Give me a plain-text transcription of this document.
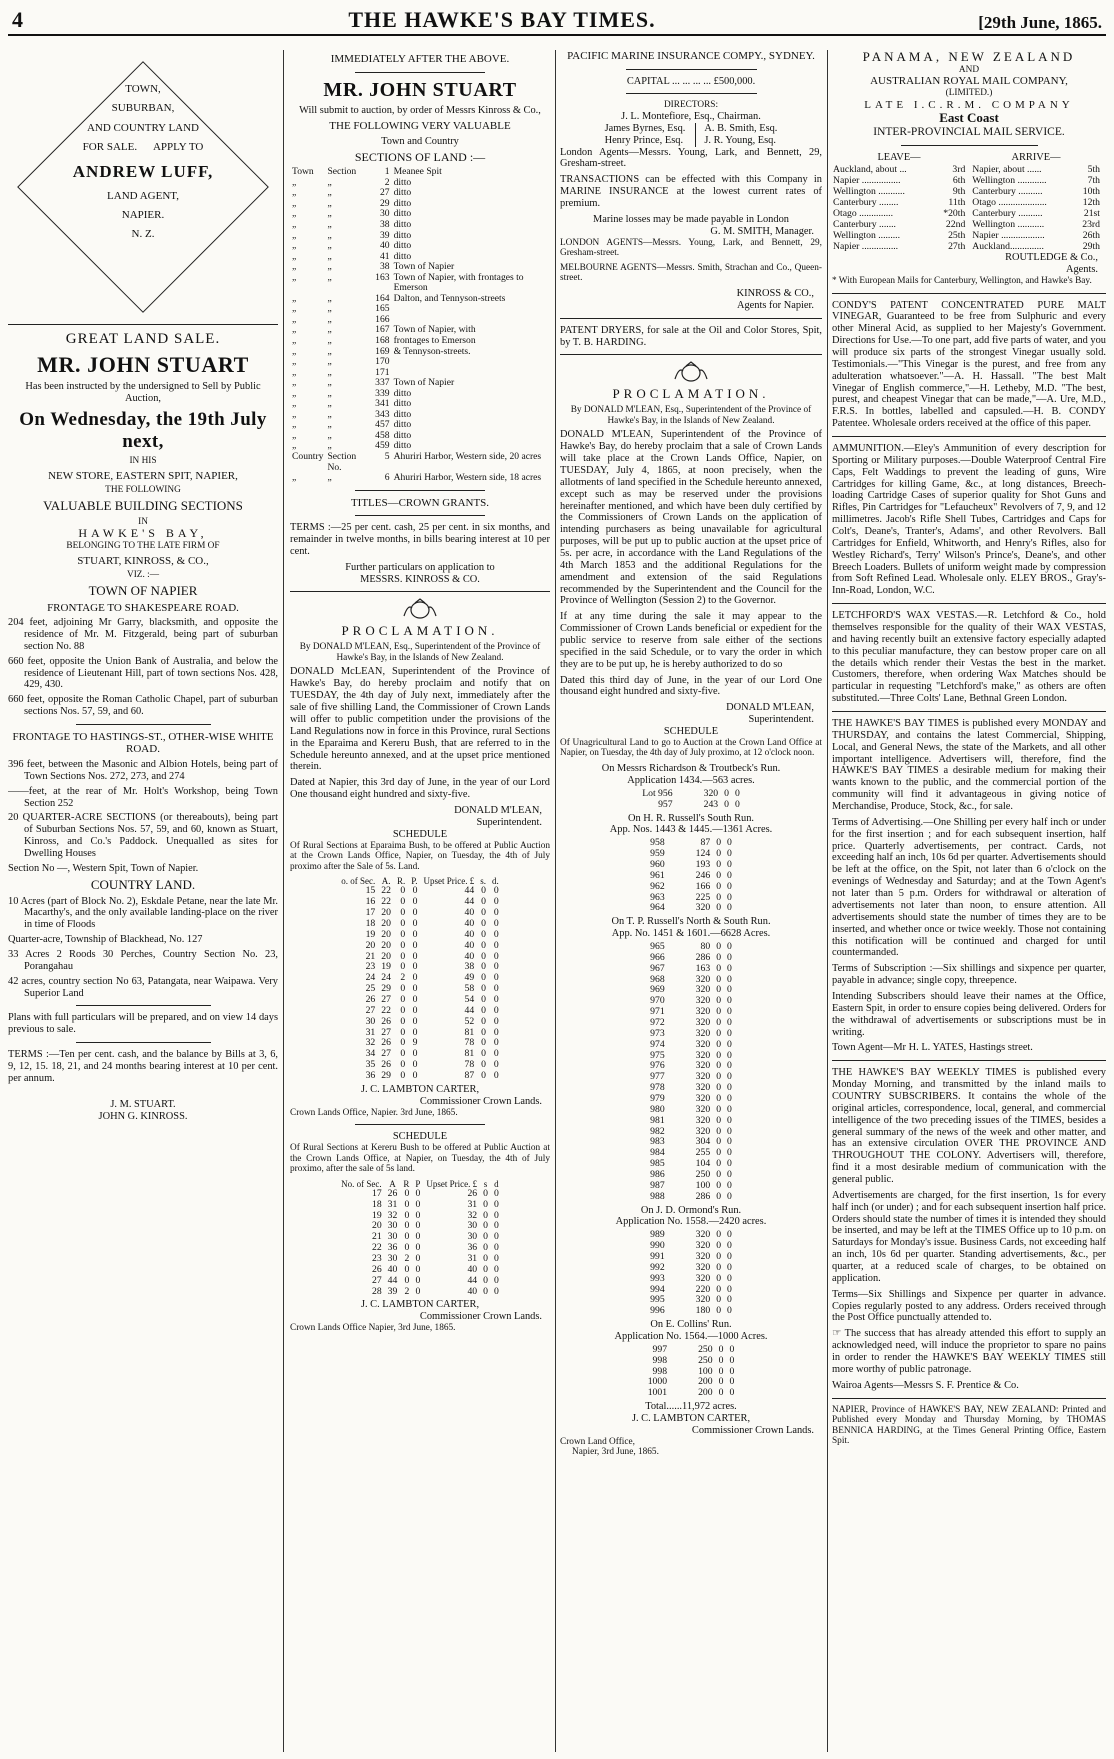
4	THE HAWKE'S BAY TIMES.	[29th June, 1865.
TOWN,
SUBURBAN,
AND COUNTRY LAND
FOR SALE.      APPLY TO
ANDREW LUFF,
LAND AGENT,
NAPIER.
N. Z.
GREAT LAND SALE.
MR. JOHN STUART
Has been instructed by the undersigned to Sell by Public Auction,
On Wednesday, the 19th July next,
IN HIS
NEW STORE, EASTERN SPIT, NAPIER,
THE FOLLOWING
VALUABLE BUILDING SECTIONS
IN
HAWKE'S BAY,
BELONGING TO THE LATE FIRM OF
STUART, KINROSS, & CO.,
VIZ. :—
TOWN OF NAPIER
FRONTAGE TO SHAKESPEARE ROAD.
204 feet, adjoining Mr Garry, blacksmith, and opposite the residence of Mr. M. Fitzgerald, being part of suburban section No. 88
660 feet, opposite the Union Bank of Australia, and below the residence of Lieutenant Hill, part of town sections Nos. 428, 429, 430.
660 feet, opposite the Roman Catholic Chapel, part of suburban sections Nos. 57, 59, and 60.
FRONTAGE TO HASTINGS-ST., OTHER-WISE WHITE ROAD.
396 feet, between the Masonic and Albion Hotels, being part of Town Sections Nos. 272, 273, and 274
——feet, at the rear of Mr. Holt's Workshop, being Town Section 252
20 QUARTER-ACRE SECTIONS (or thereabouts), being part of Suburban Sections Nos. 57, 59, and 60, known as Stuart, Kinross, and Co.'s Paddock. Unequalled as sites for Dwelling Houses
Section No —, Western Spit, Town of Napier.
COUNTRY LAND.
10 Acres (part of Block No. 2), Eskdale Petane, near the late Mr. Macarthy's, and the only available landing-place on the river in time of Floods
Quarter-acre, Township of Blackhead, No. 127
33 Acres 2 Roods 30 Perches, Country Section No. 23, Porangahau
42 acres, country section No 63, Patangata, near Waipawa. Very Superior Land
Plans with full particulars will be prepared, and on view 14 days previous to sale.
TERMS :—Ten per cent. cash, and the balance by Bills at 3, 6, 9, 12, 15. 18, 21, and 24 months bearing interest at 10 per cent. per annum.
J. M. STUART.
JOHN G. KINROSS.
IMMEDIATELY AFTER THE ABOVE.
MR. JOHN STUART
Will submit to auction, by order of Messrs Kinross & Co.,
THE FOLLOWING VERY VALUABLE
Town and Country
SECTIONS OF LAND :—
Town	Section	1	Meanee Spit
„	„	2	ditto
„	„	27	ditto
„	„	29	ditto
„	„	30	ditto
„	„	38	ditto
„	„	39	ditto
„	„	40	ditto
„	„	41	ditto
„	„	38	Town of Napier
„	„	163	Town of Napier, with frontages to Emerson
„	„	164	Dalton, and Tennyson-streets
„	„	165	
„	„	166	
„	„	167	Town of Napier, with
„	„	168	frontages to Emerson
„	„	169	& Tennyson-streets.
„	„	170	
„	„	171	
„	„	337	Town of Napier
„	„	339	ditto
„	„	341	ditto
„	„	343	ditto
„	„	457	ditto
„	„	458	ditto
„	„	459	ditto
Country	Section No.	5	Ahuriri Harbor, Western side, 20 acres
„	„	6	Ahuriri Harbor, Western side, 18 acres
TITLES—CROWN GRANTS.
TERMS :—25 per cent. cash, 25 per cent. in six months, and remainder in twelve months, in bills bearing interest at 10 per cent.
Further particulars on application to
MESSRS. KINROSS & CO.
PROCLAMATION.
By DONALD M'LEAN, Esq., Superintendent of the Province of Hawke's Bay, in the Islands of New Zealand.
DONALD McLEAN, Superintendent of the Province of Hawke's Bay, do hereby proclaim and notify that on TUESDAY, the 4th day of July next, immediately after the sale of five shilling Land, the Commissioner of Crown Lands will offer to public competition under the provisions of the Land Regulations now in force in this Province, rural Sections in the Eparaima and Kereru Bush, that are referred to in the Schedule hereunto annexed, and at the upset price mentioned therein.
Dated at Napier, this 3rd day of June, in the year of our Lord One thousand eight hundred and sixty-five.
DONALD M'LEAN,
Superintendent.
SCHEDULE
Of Rural Sections at Eparaima Bush, to be offered at Public Auction at the Crown Lands Office, Napier, on Tuesday, the 4th of July proximo after the Sale of 5s. Land.
o. of Sec.	A.	R.	P.	Upset Price. £	s.	d.
15	22	0	0	44	0	0
16	22	0	0	44	0	0
17	20	0	0	40	0	0
18	20	0	0	40	0	0
19	20	0	0	40	0	0
20	20	0	0	40	0	0
21	20	0	0	40	0	0
23	19	0	0	38	0	0
24	24	2	0	49	0	0
25	29	0	0	58	0	0
26	27	0	0	54	0	0
27	22	0	0	44	0	0
30	26	0	0	52	0	0
31	27	0	0	81	0	0
32	26	0	9	78	0	0
34	27	0	0	81	0	0
35	26	0	0	78	0	0
36	29	0	0	87	0	0
J. C. LAMBTON CARTER,
Commissioner Crown Lands.
Crown Lands Office, Napier. 3rd June, 1865.
SCHEDULE
Of Rural Sections at Kereru Bush to be offered at Public Auction at the Crown Lands Office, at Napier, on Tuesday, the 4th of July proximo, after the sale of 5s land.
No. of Sec.	A	R	P	Upset Price. £	s	d
17	26	0	0	26	0	0
18	31	0	0	31	0	0
19	32	0	0	32	0	0
20	30	0	0	30	0	0
21	30	0	0	30	0	0
22	36	0	0	36	0	0
23	30	2	0	31	0	0
26	40	0	0	40	0	0
27	44	0	0	44	0	0
28	39	2	0	40	0	0
J. C. LAMBTON CARTER,
Commissioner Crown Lands.
Crown Lands Office Napier, 3rd June, 1865.
PACIFIC MARINE INSURANCE COMPY., SYDNEY.
CAPITAL ... ... ... ... £500,000.
DIRECTORS:
J. L. Montefiore, Esq., Chairman.
James Byrnes, Esq.
Henry Prince, Esq.
A. B. Smith, Esq.
J. R. Young, Esq.
London Agents—Messrs. Young, Lark, and Bennett, 29, Gresham-street.
TRANSACTIONS can be effected with this Company in MARINE INSURANCE at the lowest current rates of premium.
Marine losses may be made payable in London
G. M. SMITH, Manager.
LONDON AGENTS—Messrs. Young, Lark, and Bennett, 29, Gresham-street.
MELBOURNE AGENTS—Messrs. Smith, Strachan and Co., Queen-street.
KINROSS & CO.,
Agents for Napier.
PATENT DRYERS, for sale at the Oil and Color Stores, Spit, by T. B. HARDING.
PROCLAMATION.
By DONALD M'LEAN, Esq., Superintendent of the Province of Hawke's Bay, in the Islands of New Zealand.
DONALD M'LEAN, Superintendent of the Province of Hawke's Bay, do hereby proclaim that a sale of Crown Lands will take place at the Crown Lands Office, Napier, on TUESDAY, July 4, 1865, at noon precisely, when the allotments of land specified in the Schedule hereunto annexed, except such as may be reserved under the provisions hereinafter mentioned, and which have been duly certified by the Commissioners of Crown Lands on the application of intending purchasers as being unavailable for agricultural purposes, will be put up to public auction at the upset price of 5s. per acre, in accordance with the Land Regulations of the 4th March 1853 and the additional Regulations for the amendment and extension of the said Regulations recommended by the Superintendent and the Council for the Province of Wellington (Session 2) to the Governor.
If at any time during the sale it may appear to the Commissioner of Crown Lands beneficial or expedient for the public service to reserve from sale either of the sections specified in the said Schedule, or to vary the order in which they are to be put up, he is hereby authorized to do so
Dated this third day of June, in the year of our Lord One thousand eight hundred and sixty-five.
DONALD M'LEAN,
Superintendent.
SCHEDULE
Of Unagricultural Land to go to Auction at the Crown Land Office at Napier, on Tuesday, the 4th day of July proximo, at 12 o'clock noon.
On Messrs Richardson & Troutbeck's Run.
Application 1434.—563 acres.
Lot 956	320	0	0
957	243	0	0
On H. R. Russell's South Run.
App. Nos. 1443 & 1445.—1361 Acres.
958	87	0	0
959	124	0	0
960	193	0	0
961	246	0	0
962	166	0	0
963	225	0	0
964	320	0	0
On T. P. Russell's North & South Run.
App. No. 1451 & 1601.—6628 Acres.
965	80	0	0
966	286	0	0
967	163	0	0
968	320	0	0
969	320	0	0
970	320	0	0
971	320	0	0
972	320	0	0
973	320	0	0
974	320	0	0
975	320	0	0
976	320	0	0
977	320	0	0
978	320	0	0
979	320	0	0
980	320	0	0
981	320	0	0
982	320	0	0
983	304	0	0
984	255	0	0
985	104	0	0
986	250	0	0
987	100	0	0
988	286	0	0
On J. D. Ormond's Run.
Application No. 1558.—2420 acres.
989	320	0	0
990	320	0	0
991	320	0	0
992	320	0	0
993	320	0	0
994	220	0	0
995	320	0	0
996	180	0	0
On E. Collins' Run.
Application No. 1564.—1000 Acres.
997	250	0	0
998	250	0	0
998	100	0	0
1000	200	0	0
1001	200	0	0
Total......11,972 acres.
J. C. LAMBTON CARTER,
Commissioner Crown Lands.
Crown Land Office,
Napier, 3rd June, 1865.
PANAMA, NEW ZEALAND
AND
AUSTRALIAN ROYAL MAIL COMPANY,
(LIMITED.)
LATE I.C.R.M. COMPANY
East Coast
INTER-PROVINCIAL MAIL SERVICE.
LEAVE—	ARRIVE—
Auckland, about ...	3rd	Napier, about ......	5th
Napier ................	6th	Wellington ............	7th
Wellington ...........	9th	Canterbury ..........	10th
Canterbury ........	11th	Otago ....................	12th
Otago ..............	*20th	Canterbury ..........	21st
Canterbury .......	22nd	Wellington ...........	23rd
Wellington .........	25th	Napier ..................	26th
Napier ...............	27th	Auckland..............	29th
ROUTLEDGE & Co.,
Agents.
* With European Mails for Canterbury, Wellington, and Hawke's Bay.
CONDY'S PATENT CONCENTRATED PURE MALT VINEGAR, Guaranteed to be free from Sulphuric and every other Mineral Acid, as supplied to her Majesty's Government. Directions for Use.—To one part, add five parts of water, and you will produce six parts of the strongest Vinegar usually sold. Testimonials.—"This Vinegar is the purest, and free from any adulteration whatsoever."—A. H. Hassall. "The best Malt Vinegar of English commerce,"—H. Letheby, M.D. "The best, purest, and cheapest Vinegar that can be made,"—A. Ure, M.D., F.R.S. In bottles, labelled and capsuled.—H. B. CONDY Patentee. Wholesale orders received at the office of this paper.
AMMUNITION.—Eley's Ammunition of every description for Sporting or Military purposes.—Double Waterproof Central Fire Caps, Felt Waddings to prevent the leading of guns, Wire Cartridges for killing Game, &c., at long distances, Breech-loading Cartridge Cases of superior quality for Shot Guns and Rifles, Pin Cartridges for "Lefaucheux" Revolvers of 7, 9, and 12 millimetres. Jacob's Rifle Shell Tubes, Cartridges and Caps for Colt's, Deane's, Tranter's, Adams', and other Revolvers. Ball Cartridges for Enfield, Whitworth, and Henry's Rifles, also for Westley Richard's, Terry' Wilson's Prince's, Deane's, and other Breech Loaders. Bullets of uniform weight made by compression from Soft Refined Lead. Wholesale only. ELEY BROS., Gray's-Inn-Road, London, W.C.
LETCHFORD'S WAX VESTAS.—R. Letchford & Co., hold themselves responsible for the quality of their WAX VESTAS, and having recently built an extensive factory especially adapted to this peculiar manufacture, they can bestow proper care on all the details which render their Vestas the best in the market. Customers, therefore, when ordering Wax Matches should be particular in requesting "Letchford's make," as others are often substituted.—Three Colts' Lane, Bethnal Green London.
THE HAWKE'S BAY TIMES is published every MONDAY and THURSDAY, and contains the latest Commercial, Shipping, Local, and General News, the state of the Markets, and all other important intelligence. Advertisers will, therefore, find the HAWKE'S BAY TIMES a desirable medium for making their wants known to the public, and the commercial portion of the community will find it advantageous in giving notice of Merchandise, Produce, Stock, &c., for sale.
Terms of Advertising.—One Shilling per every half inch or under for the first insertion ; and for each subsequent insertion, half price. Quarterly advertisements, per contract. Cards, not exceeding half an inch, 10s 6d per quarter. Advertisements should be left at the office, on the Spit, not later than 6 o'clock on the evenings of Wednesday and Saturday; and at the Town Agent's not later than 5 p.m. Orders for withdrawal or alteration of advertisements not later than noon, to ensure attention. All advertisements should state the number of times they are to be inserted, and whether once or twice weekly. Those not containing this notification will be continued and charged for until countermanded.
Terms of Subscription :—Six shillings and sixpence per quarter, payable in advance; single copy, threepence.
Intending Subscribers should leave their names at the Office, Eastern Spit, in order to ensure copies being delivered. Orders for the withdrawal of advertisements or subscriptions must be in writing.
Town Agent—Mr H. L. YATES, Hastings street.
THE HAWKE'S BAY WEEKLY TIMES is published every Monday Morning, and transmitted by the inland mails to COUNTRY SUBSCRIBERS. It contains the whole of the original articles, correspondence, local, general, and commercial intelligence of the two preceding issues of the TIMES, besides a general summary of the news of the week and other matter, and has an extensive circulation OVER THE PROVINCE AND THROUGHOUT THE COLONY. Advertisers will, therefore, find it a most desirable medium of communication with the general public.
Advertisements are charged, for the first insertion, 1s for every half inch (or under) ; and for each subsequent insertion half price. Orders should state the number of times it is intended they should be inserted, and may be left at the TIMES Office up to 10 p.m. on Saturdays for Monday's issue. Business Cards, not exceeding half an inch, 10s 6d per quarter. Standing advertisements, &c., per quarter, at a reduced scale of charges, to be obtained on application.
Terms—Six Shillings and Sixpence per quarter in advance. Copies regularly posted to any address. Orders received through the Post Office punctually attended to.
☞ The success that has already attended this effort to supply an acknowledged need, will induce the proprietor to spare no pains in order to render the HAWKE'S BAY WEEKLY TIMES still more worthy of public patronage.
Wairoa Agents—Messrs S. F. Prentice & Co.
NAPIER, Province of HAWKE'S BAY, NEW ZEALAND: Printed and Published every Monday and Thursday Morning, by THOMAS BENNICA HARDING, at the Times General Printing Office, Eastern Spit.
